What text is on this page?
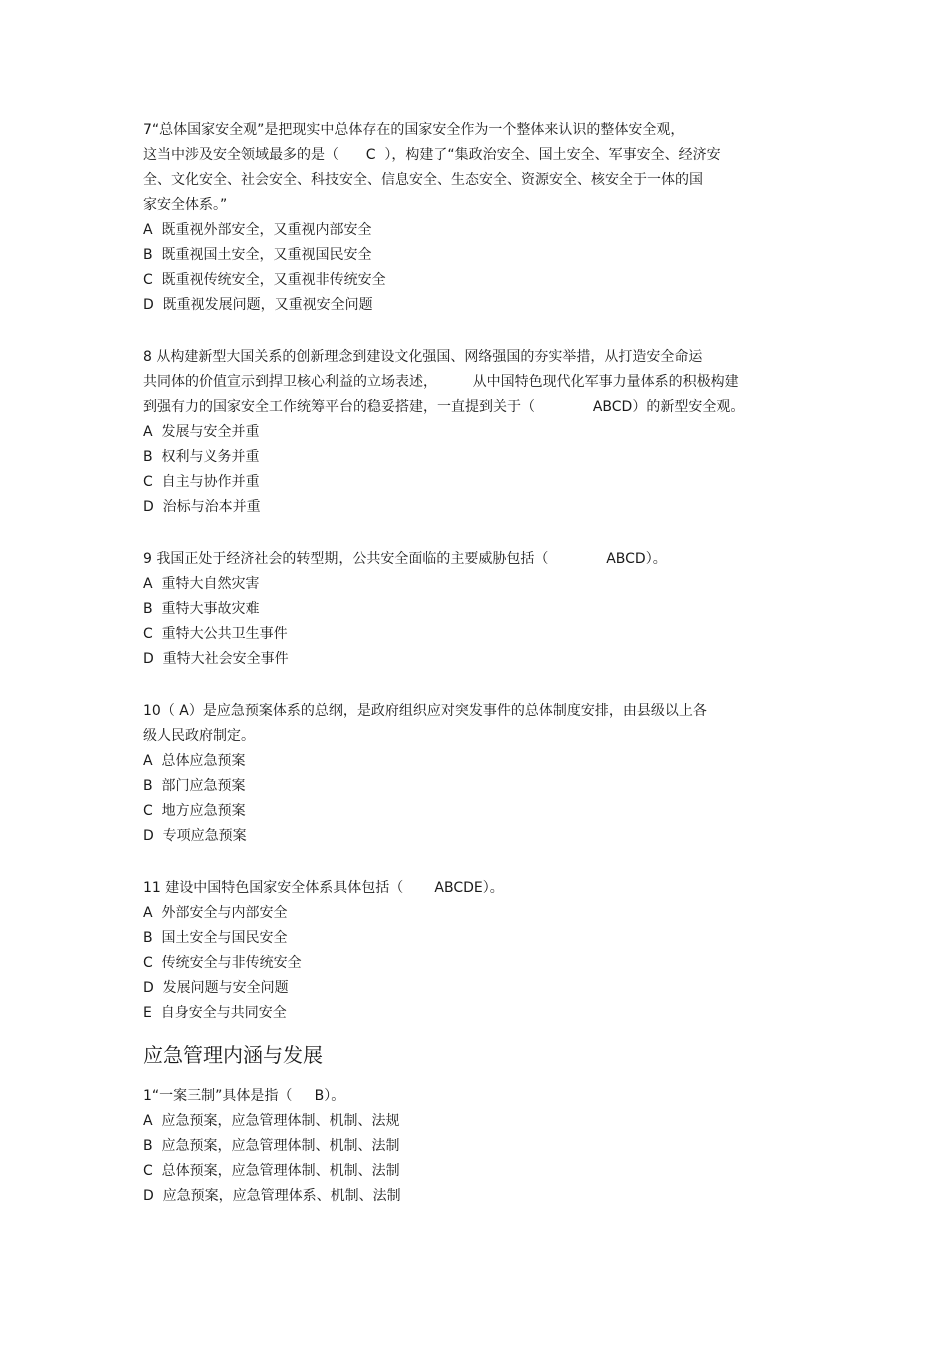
7“总体国家安全观”是把现实中总体存在的国家安全作为一个整体来认识的整体安全观，
这当中涉及安全领域最多的是（      C  ），构建了“集政治安全、国土安全、军事安全、经济安
全、文化安全、社会安全、科技安全、信息安全、生态安全、资源安全、核安全于一体的国
家安全体系。”
A  既重视外部安全，又重视内部安全
B  既重视国土安全，又重视国民安全
C  既重视传统安全，又重视非传统安全
D  既重视发展问题，又重视安全问题
8 从构建新型大国关系的创新理念到建设文化强国、网络强国的夯实举措，从打造安全命运
共同体的价值宣示到捍卫核心利益的立场表述，        从中国特色现代化军事力量体系的积极构建
到强有力的国家安全工作统筹平台的稳妥搭建，一直提到关于（             ABCD）的新型安全观。
A  发展与安全并重
B  权利与义务并重
C  自主与协作并重
D  治标与治本并重
9 我国正处于经济社会的转型期，公共安全面临的主要威胁包括（             ABCD）。
A  重特大自然灾害
B  重特大事故灾难
C  重特大公共卫生事件
D  重特大社会安全事件
10（ A）是应急预案体系的总纲，是政府组织应对突发事件的总体制度安排，由县级以上各
级人民政府制定。
A  总体应急预案
B  部门应急预案
C  地方应急预案
D  专项应急预案
11 建设中国特色国家安全体系具体包括（       ABCDE）。
A  外部安全与内部安全
B  国土安全与国民安全
C  传统安全与非传统安全
D  发展问题与安全问题
E  自身安全与共同安全
应急管理内涵与发展
1“一案三制”具体是指（     B）。
A  应急预案，应急管理体制、机制、法规
B  应急预案，应急管理体制、机制、法制
C  总体预案，应急管理体制、机制、法制
D  应急预案，应急管理体系、机制、法制
